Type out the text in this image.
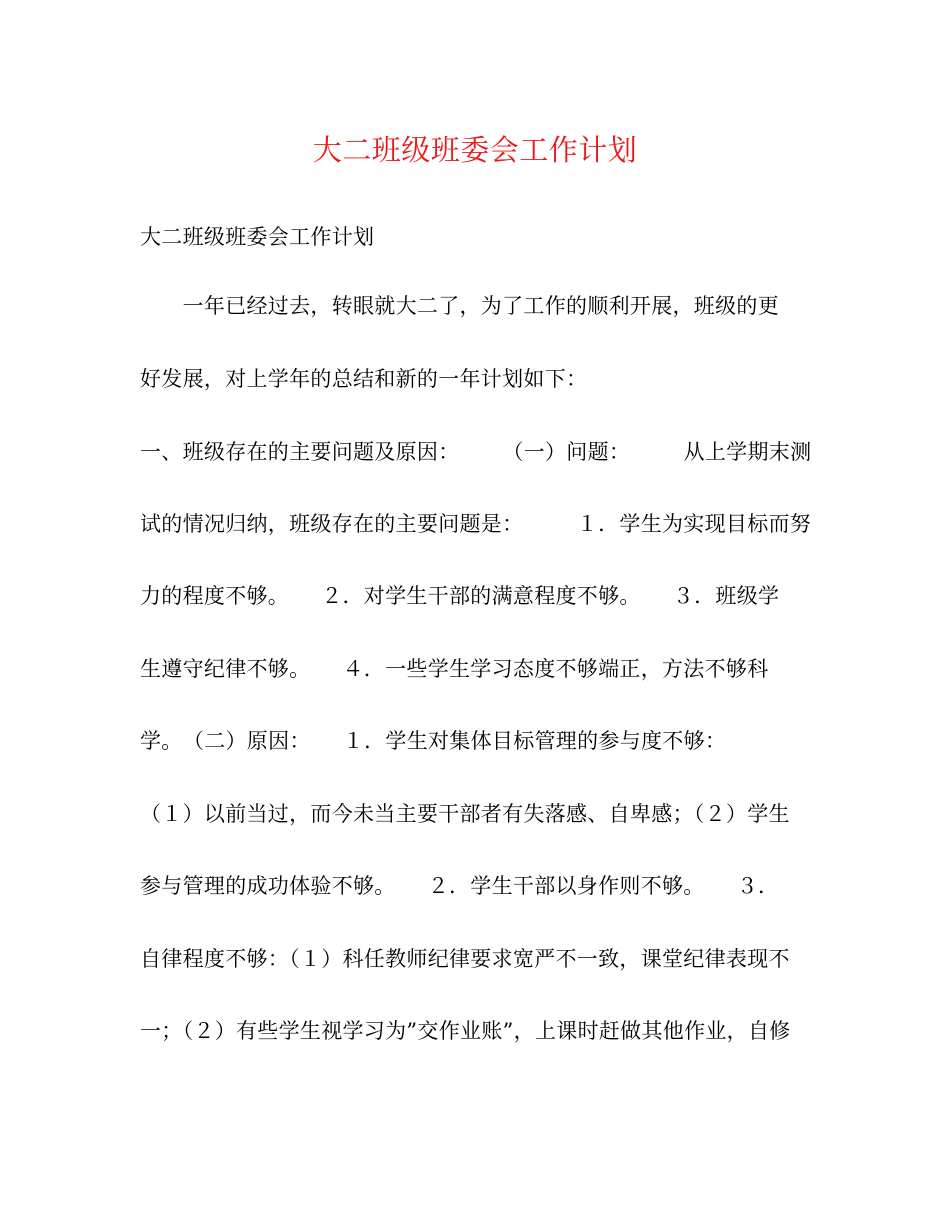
大二班级班委会工作计划
大二班级班委会工作计划
　　一年已经过去，转眼就大二了，为了工作的顺利开展，班级的更
好发展，对上学年的总结和新的一年计划如下：
一、班级存在的主要问题及原因：　　　（一）问题：　　　从上学期末测
试的情况归纳，班级存在的主要问题是：　　　１．学生为实现目标而努
力的程度不够。　　２．对学生干部的满意程度不够。　　３．班级学
生遵守纪律不够。　　４．一些学生学习态度不够端正，方法不够科
学。　（二）原因：　　１．学生对集体目标管理的参与度不够：
（１）以前当过，而今未当主要干部者有失落感、自卑感；（２）学生
参与管理的成功体验不够。　　２．学生干部以身作则不够。　　３．
自律程度不够：（１）科任教师纪律要求宽严不一致，课堂纪律表现不
一；（２）有些学生视学习为”交作业账”，上课时赶做其他作业，自修
